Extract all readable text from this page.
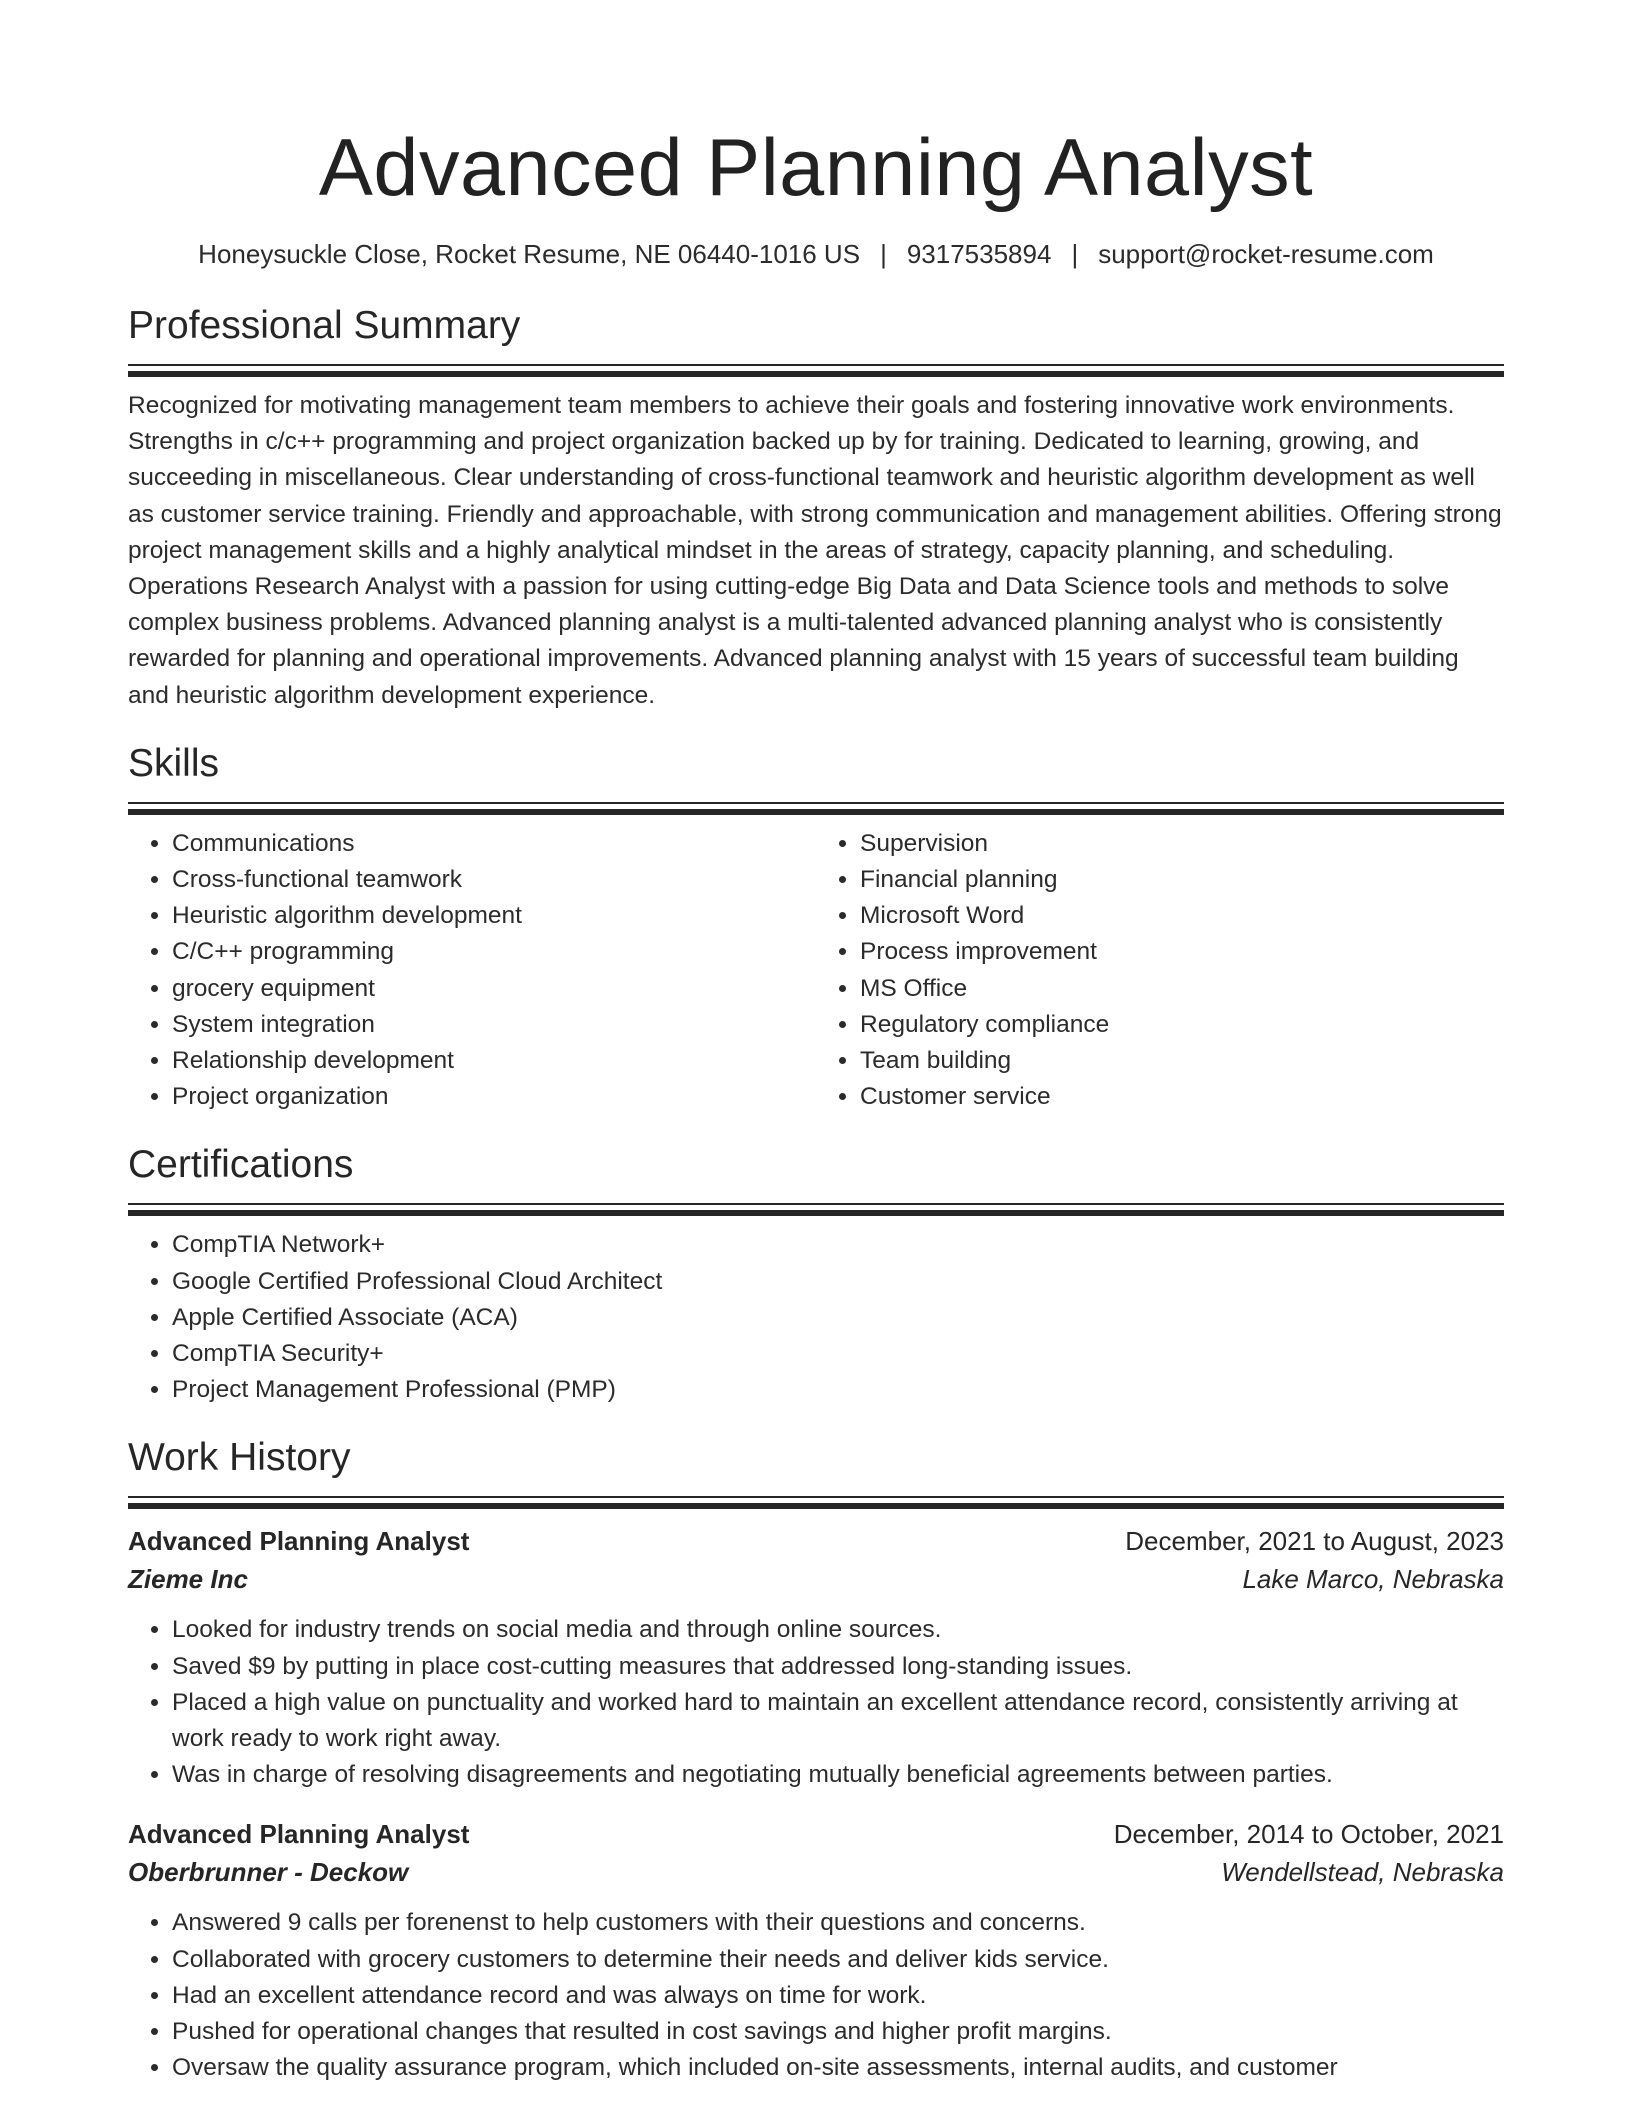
Advanced Planning Analyst
Honeysuckle Close, Rocket Resume, NE 06440-1016 US | 9317535894 | support@rocket-resume.com
Professional Summary

Recognized for motivating management team members to achieve their goals and fostering innovative work environments. Strengths in c/c++ programming and project organization backed up by for training. Dedicated to learning, growing, and succeeding in miscellaneous. Clear understanding of cross-functional teamwork and heuristic algorithm development as well as customer service training. Friendly and approachable, with strong communication and management abilities. Offering strong project management skills and a highly analytical mindset in the areas of strategy, capacity planning, and scheduling. Operations Research Analyst with a passion for using cutting-edge Big Data and Data Science tools and methods to solve complex business problems. Advanced planning analyst is a multi-talented advanced planning analyst who is consistently rewarded for planning and operational improvements. Advanced planning analyst with 15 years of successful team building and heuristic algorithm development experience.

Skills
• Communications
• Cross-functional teamwork
• Heuristic algorithm development
• C/C++ programming
• grocery equipment
• System integration
• Relationship development
• Project organization
• Supervision
• Financial planning
• Microsoft Word
• Process improvement
• MS Office
• Regulatory compliance
• Team building
• Customer service
Certifications
• CompTIA Network+
• Google Certified Professional Cloud Architect
• Apple Certified Associate (ACA)
• CompTIA Security+
• Project Management Professional (PMP)
Work History
Advanced Planning Analyst	December, 2021 to August, 2023
Zieme Inc	Lake Marco, Nebraska
• Looked for industry trends on social media and through online sources.
• Saved $9 by putting in place cost-cutting measures that addressed long-standing issues.
• Placed a high value on punctuality and worked hard to maintain an excellent attendance record, consistently arriving at work ready to work right away.
• Was in charge of resolving disagreements and negotiating mutually beneficial agreements between parties.
Advanced Planning Analyst	December, 2014 to October, 2021
Oberbrunner - Deckow	Wendellstead, Nebraska
• Answered 9 calls per forenenst to help customers with their questions and concerns.
• Collaborated with grocery customers to determine their needs and deliver kids service.
• Had an excellent attendance record and was always on time for work.
• Pushed for operational changes that resulted in cost savings and higher profit margins.
• Oversaw the quality assurance program, which included on-site assessments, internal audits, and customer
